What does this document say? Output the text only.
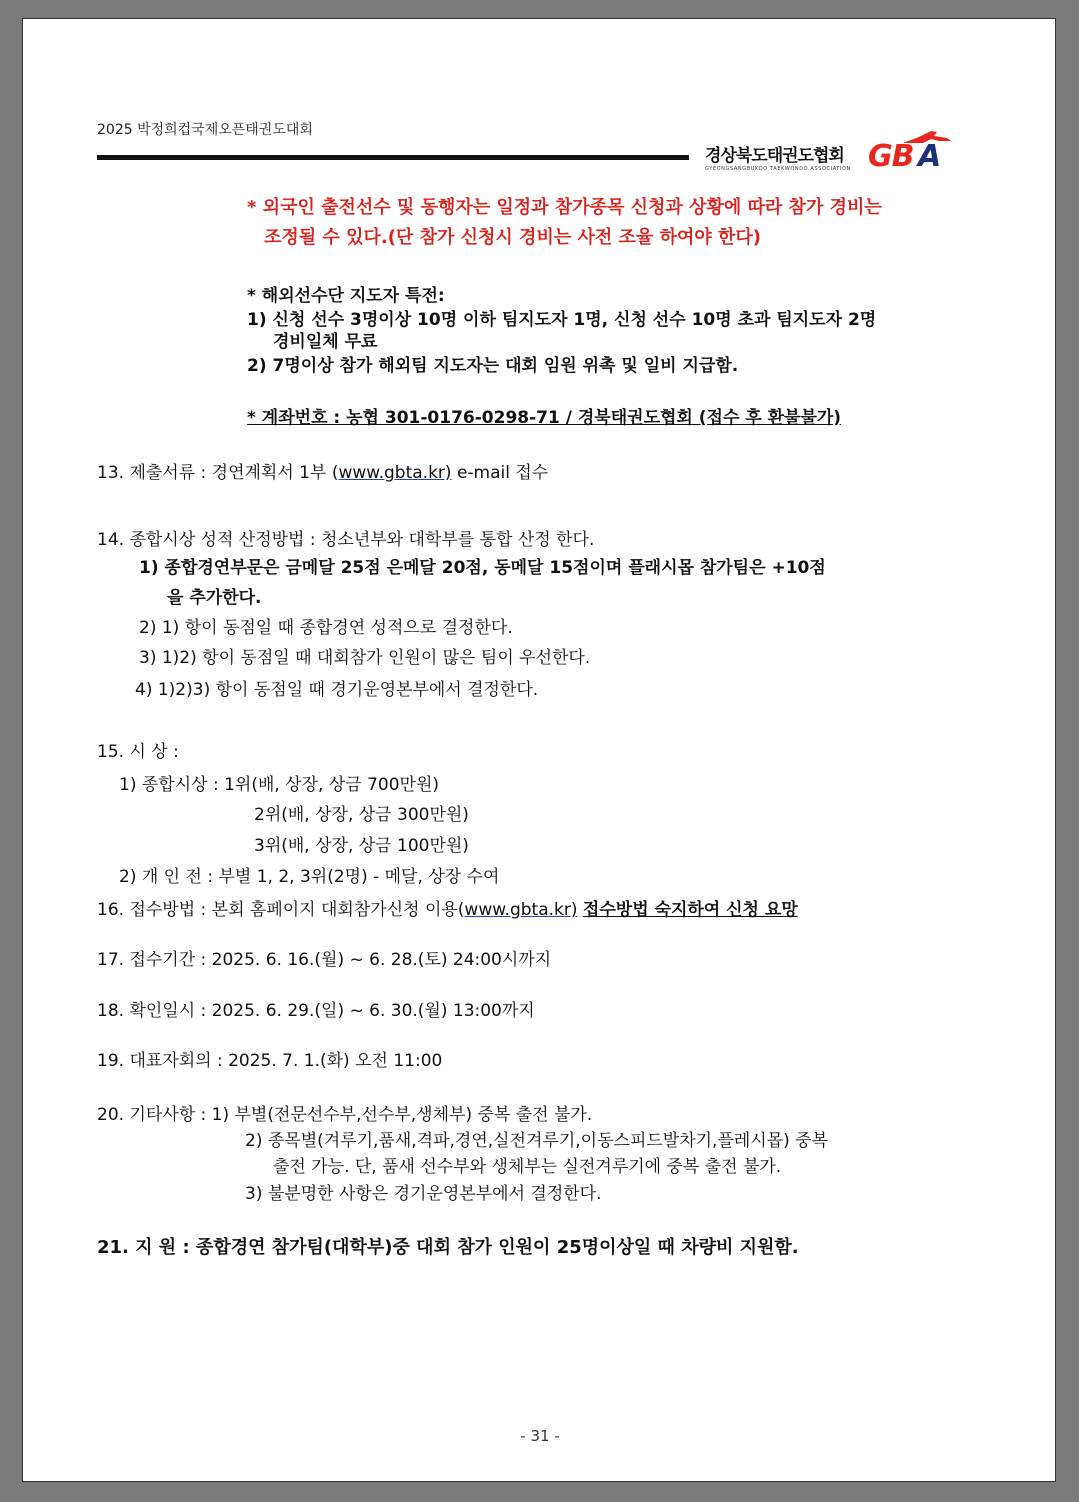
2025 박정희컵국제오픈태권도대회
경상북도태권도협회
GYEONGSANGBUKDO TAEKWONDO ASSOCIATION GB A
* 외국인 출전선수 및 동행자는 일정과 참가종목 신청과 상황에 따라 참가 경비는
조정될 수 있다.(단 참가 신청시 경비는 사전 조율 하여야 한다)
* 해외선수단 지도자 특전:
1) 신청 선수 3명이상 10명 이하 팀지도자 1명, 신청 선수 10명 초과 팀지도자 2명
경비일체 무료
2) 7명이상 참가 해외팀 지도자는 대회 임원 위촉 및 일비 지급함.
* 계좌번호 : 농협 301-0176-0298-71 / 경북태권도협회 (접수 후 환불불가)
13. 제출서류 : 경연계획서 1부 (www.gbta.kr) e-mail 접수
14. 종합시상 성적 산정방법 : 청소년부와 대학부를 통합 산정 한다.
1) 종합경연부문은 금메달 25점 은메달 20점, 동메달 15점이며 플래시몹 참가팀은 +10점
을 추가한다.
2) 1) 항이 동점일 때 종합경연 성적으로 결정한다.
3) 1)2) 항이 동점일 때 대회참가 인원이 많은 팀이 우선한다.
4) 1)2)3) 항이 동점일 때 경기운영본부에서 결정한다.
15. 시 상 :
1) 종합시상 : 1위(배, 상장, 상금 700만원)
2위(배, 상장, 상금 300만원)
3위(배, 상장, 상금 100만원)
2) 개 인 전 : 부별 1, 2, 3위(2명) - 메달, 상장 수여
16. 접수방법 : 본회 홈페이지 대회참가신청 이용(www.gbta.kr) 접수방법 숙지하여 신청 요망
17. 접수기간 : 2025. 6. 16.(월) ~ 6. 28.(토) 24:00시까지
18. 확인일시 : 2025. 6. 29.(일) ~ 6. 30.(월) 13:00까지
19. 대표자회의 : 2025. 7. 1.(화) 오전 11:00
20. 기타사항 : 1) 부별(전문선수부,선수부,생체부) 중복 출전 불가.
2) 종목별(겨루기,품새,격파,경연,실전겨루기,이동스피드발차기,플레시몹) 중복
출전 가능. 단, 품새 선수부와 생체부는 실전겨루기에 중복 출전 불가.
3) 불분명한 사항은 경기운영본부에서 결정한다.
21. 지 원 : 종합경연 참가팀(대학부)중 대회 참가 인원이 25명이상일 때 차량비 지원함.
- 31 -
